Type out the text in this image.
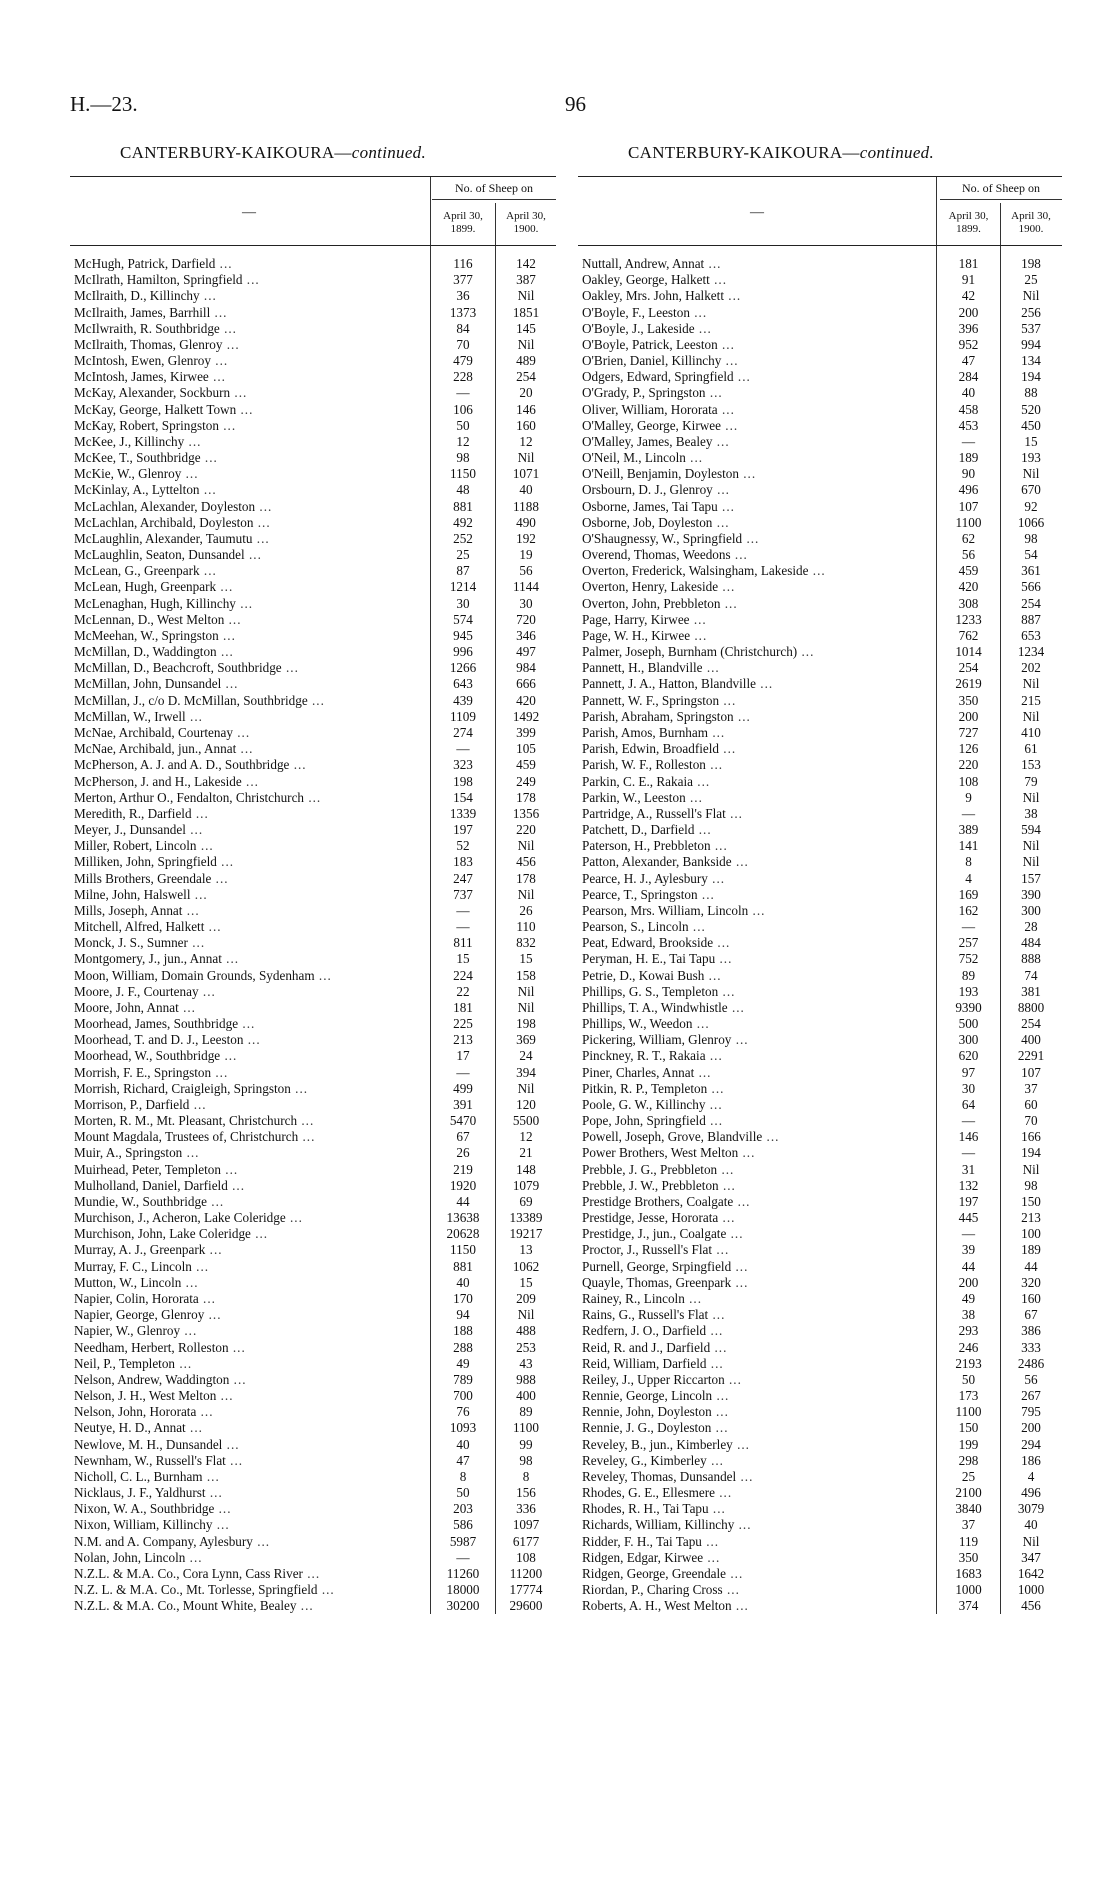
H.—23.	96
CANTERBURY-KAIKOURA—continued.	CANTERBURY-KAIKOURA—continued.
—
No. of Sheep on
April 30, 1899.
April 30, 1900.
McHugh, Patrick, Darfield ...	116	142
McIlrath, Hamilton, Springfield ...	377	387
McIlraith, D., Killinchy ...	36	Nil
McIlraith, James, Barrhill ...	1373	1851
McIlwraith, R. Southbridge ...	84	145
McIlraith, Thomas, Glenroy ...	70	Nil
McIntosh, Ewen, Glenroy ...	479	489
McIntosh, James, Kirwee ...	228	254
McKay, Alexander, Sockburn ...	—	20
McKay, George, Halkett Town ...	106	146
McKay, Robert, Springston ...	50	160
McKee, J., Killinchy ...	12	12
McKee, T., Southbridge ...	98	Nil
McKie, W., Glenroy ...	1150	1071
McKinlay, A., Lyttelton ...	48	40
McLachlan, Alexander, Doyleston ...	881	1188
McLachlan, Archibald, Doyleston ...	492	490
McLaughlin, Alexander, Taumutu ...	252	192
McLaughlin, Seaton, Dunsandel ...	25	19
McLean, G., Greenpark ...	87	56
McLean, Hugh, Greenpark ...	1214	1144
McLenaghan, Hugh, Killinchy ...	30	30
McLennan, D., West Melton ...	574	720
McMeehan, W., Springston ...	945	346
McMillan, D., Waddington ...	996	497
McMillan, D., Beachcroft, Southbridge ...	1266	984
McMillan, John, Dunsandel ...	643	666
McMillan, J., c/o D. McMillan, Southbridge ...	439	420
McMillan, W., Irwell ...	1109	1492
McNae, Archibald, Courtenay ...	274	399
McNae, Archibald, jun., Annat ...	—	105
McPherson, A. J. and A. D., Southbridge ...	323	459
McPherson, J. and H., Lakeside ...	198	249
Merton, Arthur O., Fendalton, Christchurch ...	154	178
Meredith, R., Darfield ...	1339	1356
Meyer, J., Dunsandel ...	197	220
Miller, Robert, Lincoln ...	52	Nil
Milliken, John, Springfield ...	183	456
Mills Brothers, Greendale ...	247	178
Milne, John, Halswell ...	737	Nil
Mills, Joseph, Annat ...	—	26
Mitchell, Alfred, Halkett ...	—	110
Monck, J. S., Sumner ...	811	832
Montgomery, J., jun., Annat ...	15	15
Moon, William, Domain Grounds, Sydenham ...	224	158
Moore, J. F., Courtenay ...	22	Nil
Moore, John, Annat ...	181	Nil
Moorhead, James, Southbridge ...	225	198
Moorhead, T. and D. J., Leeston ...	213	369
Moorhead, W., Southbridge ...	17	24
Morrish, F. E., Springston ...	—	394
Morrish, Richard, Craigleigh, Springston ...	499	Nil
Morrison, P., Darfield ...	391	120
Morten, R. M., Mt. Pleasant, Christchurch ...	5470	5500
Mount Magdala, Trustees of, Christchurch ...	67	12
Muir, A., Springston ...	26	21
Muirhead, Peter, Templeton ...	219	148
Mulholland, Daniel, Darfield ...	1920	1079
Mundie, W., Southbridge ...	44	69
Murchison, J., Acheron, Lake Coleridge ...	13638	13389
Murchison, John, Lake Coleridge ...	20628	19217
Murray, A. J., Greenpark ...	1150	13
Murray, F. C., Lincoln ...	881	1062
Mutton, W., Lincoln ...	40	15
Napier, Colin, Hororata ...	170	209
Napier, George, Glenroy ...	94	Nil
Napier, W., Glenroy ...	188	488
Needham, Herbert, Rolleston ...	288	253
Neil, P., Templeton ...	49	43
Nelson, Andrew, Waddington ...	789	988
Nelson, J. H., West Melton ...	700	400
Nelson, John, Hororata ...	76	89
Neutye, H. D., Annat ...	1093	1100
Newlove, M. H., Dunsandel ...	40	99
Newnham, W., Russell's Flat ...	47	98
Nicholl, C. L., Burnham ...	8	8
Nicklaus, J. F., Yaldhurst ...	50	156
Nixon, W. A., Southbridge ...	203	336
Nixon, William, Killinchy ...	586	1097
N.M. and A. Company, Aylesbury ...	5987	6177
Nolan, John, Lincoln ...	—	108
N.Z.L. & M.A. Co., Cora Lynn, Cass River ...	11260	11200
N.Z. L. & M.A. Co., Mt. Torlesse, Springfield ...	18000	17774
N.Z.L. & M.A. Co., Mount White, Bealey ...	30200	29600
—
No. of Sheep on
April 30, 1899.
April 30, 1900.
Nuttall, Andrew, Annat ...	181	198
Oakley, George, Halkett ...	91	25
Oakley, Mrs. John, Halkett ...	42	Nil
O'Boyle, F., Leeston ...	200	256
O'Boyle, J., Lakeside ...	396	537
O'Boyle, Patrick, Leeston ...	952	994
O'Brien, Daniel, Killinchy ...	47	134
Odgers, Edward, Springfield ...	284	194
O'Grady, P., Springston ...	40	88
Oliver, William, Hororata ...	458	520
O'Malley, George, Kirwee ...	453	450
O'Malley, James, Bealey ...	—	15
O'Neil, M., Lincoln ...	189	193
O'Neill, Benjamin, Doyleston ...	90	Nil
Orsbourn, D. J., Glenroy ...	496	670
Osborne, James, Tai Tapu ...	107	92
Osborne, Job, Doyleston ...	1100	1066
O'Shaugnessy, W., Springfield ...	62	98
Overend, Thomas, Weedons ...	56	54
Overton, Frederick, Walsingham, Lakeside ...	459	361
Overton, Henry, Lakeside ...	420	566
Overton, John, Prebbleton ...	308	254
Page, Harry, Kirwee ...	1233	887
Page, W. H., Kirwee ...	762	653
Palmer, Joseph, Burnham (Christchurch) ...	1014	1234
Pannett, H., Blandville ...	254	202
Pannett, J. A., Hatton, Blandville ...	2619	Nil
Pannett, W. F., Springston ...	350	215
Parish, Abraham, Springston ...	200	Nil
Parish, Amos, Burnham ...	727	410
Parish, Edwin, Broadfield ...	126	61
Parish, W. F., Rolleston ...	220	153
Parkin, C. E., Rakaia ...	108	79
Parkin, W., Leeston ...	9	Nil
Partridge, A., Russell's Flat ...	—	38
Patchett, D., Darfield ...	389	594
Paterson, H., Prebbleton ...	141	Nil
Patton, Alexander, Bankside ...	8	Nil
Pearce, H. J., Aylesbury ...	4	157
Pearce, T., Springston ...	169	390
Pearson, Mrs. William, Lincoln ...	162	300
Pearson, S., Lincoln ...	—	28
Peat, Edward, Brookside ...	257	484
Peryman, H. E., Tai Tapu ...	752	888
Petrie, D., Kowai Bush ...	89	74
Phillips, G. S., Templeton ...	193	381
Phillips, T. A., Windwhistle ...	9390	8800
Phillips, W., Weedon ...	500	254
Pickering, William, Glenroy ...	300	400
Pinckney, R. T., Rakaia ...	620	2291
Piner, Charles, Annat ...	97	107
Pitkin, R. P., Templeton ...	30	37
Poole, G. W., Killinchy ...	64	60
Pope, John, Springfield ...	—	70
Powell, Joseph, Grove, Blandville ...	146	166
Power Brothers, West Melton ...	—	194
Prebble, J. G., Prebbleton ...	31	Nil
Prebble, J. W., Prebbleton ...	132	98
Prestidge Brothers, Coalgate ...	197	150
Prestidge, Jesse, Hororata ...	445	213
Prestidge, J., jun., Coalgate ...	—	100
Proctor, J., Russell's Flat ...	39	189
Purnell, George, Srpingfield ...	44	44
Quayle, Thomas, Greenpark ...	200	320
Rainey, R., Lincoln ...	49	160
Rains, G., Russell's Flat ...	38	67
Redfern, J. O., Darfield ...	293	386
Reid, R. and J., Darfield ...	246	333
Reid, William, Darfield ...	2193	2486
Reiley, J., Upper Riccarton ...	50	56
Rennie, George, Lincoln ...	173	267
Rennie, John, Doyleston ...	1100	795
Rennie, J. G., Doyleston ...	150	200
Reveley, B., jun., Kimberley ...	199	294
Reveley, G., Kimberley ...	298	186
Reveley, Thomas, Dunsandel ...	25	4
Rhodes, G. E., Ellesmere ...	2100	496
Rhodes, R. H., Tai Tapu ...	3840	3079
Richards, William, Killinchy ...	37	40
Ridder, F. H., Tai Tapu ...	119	Nil
Ridgen, Edgar, Kirwee ...	350	347
Ridgen, George, Greendale ...	1683	1642
Riordan, P., Charing Cross ...	1000	1000
Roberts, A. H., West Melton ...	374	456
